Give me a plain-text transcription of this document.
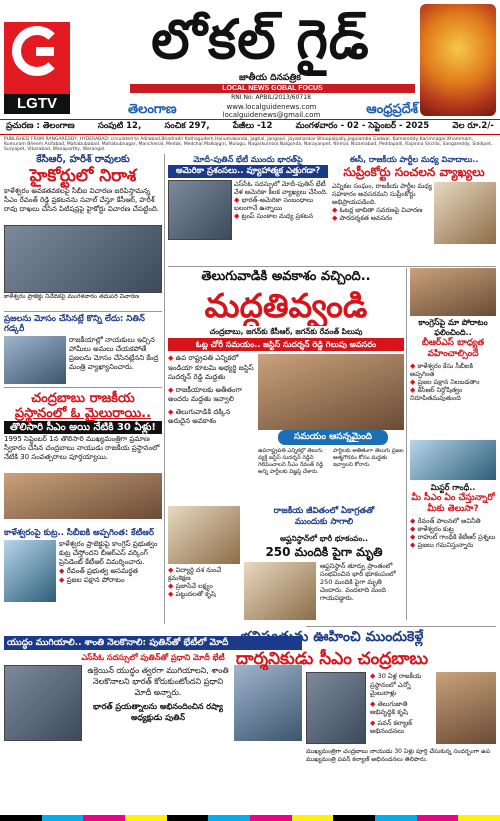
LGTV
లోకల్ గైడ్
జాతీయ దినపత్రిక
LOCAL NEWS GOBAL FOCUS
RNI No: APBIL/2013/60718
తెలంగాణ	www.localguidenews.com
localguidenews@gmail.com	ఆంధ్రప్రదేశ్
ప్రచురణ : తెలంగాణ	సంపుటి 12,	సంచిక 297,	పేజీలు -12	మంగళవారం - 02 - సెప్టెంబర్ - 2025	వెల రూ.2/-
PUBLISHED FROM RANGAREDDY, HYDERABAD: circulated to Adilabad,Bhadradri Kothagudem,Hanumakonda, Jagtial, Jangaon, Jayashankar Bhoopalpally,Jogulamba Gadwal, Kamareddy,Karimnagar,Khammam, Kumuram Bheem Asifabad, Mahabubabad, Mahabubnagar, Mancherial, Medak, Medchal Malkajgiri, Mulugu, Nagarkurnool,Nalgonda, Narayanpet, Nirmal, Nizamabad, Peddapalli, Rajanna Sircilla, Sangareddy, Siddipet, Suryapet, Vikarabad, Wanaparthy, Warangal.
కేసీఆర్, హరీశ్ రావులకు
హైకోర్టులో నిరాశ
కాళేశ్వరం అవకతవకలపై సీబీఐ విచారణ జరిపిస్తామన్న సీఎం రేవంత్ రెడ్డి ప్రకటనను సవాల్ చేస్తూ కేసీఆర్, హరీశ్ రావు దాఖలు చేసిన పిటిషన్లపై హైకోర్టు విచారణ చేపట్టింది.
కాళేశ్వరం ప్రాజెక్టు నివేదికపై మంగళవారం తదుపరి విచారణ
ప్రజలను మోసం చేసినట్లే కొన్ని లేదు: నితిన్ గడ్కరీ
రాజకీయాల్లో నాయకులు ఇచ్చిన హామీలు అమలు చేయకపోతే ప్రజలను మోసం చేసినట్లేనని కేంద్ర మంత్రి వ్యాఖ్యానించారు.
చంద్రబాబు రాజకీయ
ప్రస్థానంలో ఓ మైలురాయి..
తొలిసారి సీఎం అయి నేటికి 30 ఏళ్లు!
1995 సెప్టెంబర్ 1న తొలిసారి ముఖ్యమంత్రిగా ప్రమాణ స్వీకారం చేసిన చంద్రబాబు నాయుడు రాజకీయ ప్రస్థానంలో నేటికి 30 సంవత్సరాలు పూర్తయ్యాయి.
కాళేశ్వరంపై కుట్ర.. సీబీఐకి అప్పగింత: కేటీఆర్
కాళేశ్వరం ప్రాజెక్టుపై కాంగ్రెస్ ప్రభుత్వం కుట్ర చేస్తోందని బీఆర్ఎస్ వర్కింగ్ ప్రెసిడెంట్ కేటీఆర్ విమర్శించారు.
◆ రేవంత్ ప్రభుత్వ అసమర్థత
◆ ప్రజల పక్షాన పోరాటం
యుద్ధం ముగియాలి.. శాంతి నెలకొనాలి: పుతిన్‌తో భేటీలో మోదీ
ఎస్‌సీఓ సదస్సులో పుతిన్‌తో ప్రధాని మోదీ భేటీ
ఉక్రెయిన్ యుద్ధం త్వరగా ముగియాలని, శాంతి నెలకొనాలని భారత్ కోరుకుంటోందని ప్రధాని మోదీ అన్నారు.
భారత్ ప్రయత్నాలను అభినందించిన రష్యా అధ్యక్షుడు పుతిన్
మోదీ-పుతిన్ భేటీ ముందు భారత్‌పై
అమెరికా ప్రశంసలు.. వ్యూహాత్మక ఎత్తుగడా?
ఎస్‌సీఓ సదస్సులో మోదీ-పుతిన్ భేటీ వేళ అమెరికా కీలక వ్యాఖ్యలు చేసింది.
◆ భారత్-అమెరికా సంబంధాలు బలంగానే ఉన్నాయి
◆ ట్రంప్ సుంకాల మధ్య ప్రకటన
ఈసీ, రాజకీయ పార్టీల మధ్య వివాదాలు..
సుప్రీంకోర్టు సంచలన వ్యాఖ్యలు
ఎన్నికల సంఘం, రాజకీయ పార్టీల మధ్య సహకారం అవసరమని సుప్రీంకోర్టు అభిప్రాయపడింది.
◆ ఓటర్ల జాబితా సవరణపై విచారణ
◆ పారదర్శకత అవసరం
తెలుగువాడికి అవకాశం వచ్చింది..
మద్దతివ్వండి
చంద్రబాబు, జగన్‌కు కేసీఆర్, జగన్‌కు రేవంత్ పిలుపు
ఓట్ల చోరీ సమయం.. జస్టిస్ సుదర్శన్ రెడ్డి గెలుపు అవసరం
◆ ఉప రాష్ట్రపతి ఎన్నికలో ఇండియా కూటమి అభ్యర్థి జస్టిస్ సుదర్శన్ రెడ్డి మద్దతు
◆ రాజకీయాలకు అతీతంగా అందరు మద్దతు ఇవ్వాలి
◆ తెలుగువాడికి దక్కిన అరుదైన అవకాశం
సమయం ఆసన్నమైంది
ఉపరాష్ట్రపతి ఎన్నికల్లో తెలుగు వ్యక్తి జస్టిస్ సుదర్శన్ రెడ్డిని గెలిపించాలని సీఎం రేవంత్ రెడ్డి అన్ని పార్టీలకు విజ్ఞప్తి చేశారు.
పార్టీలకు అతీతంగా తెలుగు ప్రజల ఆత్మగౌరవం కోసం మద్దతు ఇవ్వాలని కోరారు.
కాంగ్రెస్‌పై మా పోరాటం ఫలించింది..
బీఆర్ఎస్ బాధ్యత వహించాల్సిందే
◆ కాళేశ్వరం కేసు సీబీఐకి అప్పగింత
◆ ప్రజల పక్షాన నిలబడతాం
◆ కేసీఆర్ నిర్దోషిత్వం నిరూపితమవుతుంది
మిస్టర్ గాంధీ..
మీ సీఎం ఏం చేస్తున్నారో మీకు తెలుసా?
◆ రేవంత్ పాలనలో అవినీతి
◆ కాళేశ్వరం కుట్ర
◆ రాహుల్ గాంధీకి కేటీఆర్ ప్రశ్నలు
◆ ప్రజలు గమనిస్తున్నారు
రాజకీయ జీవితంలో ఏకాగ్రతతో
ముందుకు సాగాలి
◆ విద్యార్థి దశ నుంచే క్రమశిక్షణ
◆ ప్రజాసేవే లక్ష్యం
◆ పట్టుదలతో కృషి
ఆఫ్ఘనిస్థాన్‌లో భారీ భూకంపం..
250 మందికి పైగా మృతి
ఆఫ్ఘనిస్థాన్ తూర్పు ప్రాంతంలో సంభవించిన భారీ భూకంపంలో 250 మందికి పైగా మృతి చెందారు. వందలాది మంది గాయపడ్డారు.
భవిష్యత్తును ఊహించి ముందుకెళ్లే
దార్శనికుడు సీఎం చంద్రబాబు
◆ 30 ఏళ్ల రాజకీయ ప్రస్థానంలో ఎన్నో మైలురాళ్లు
◆ తెలుగుజాతి అభివృద్ధికి కృషి
◆ పవన్ కల్యాణ్ అభినందనలు
ముఖ్యమంత్రిగా చంద్రబాబు నాయుడు 30 ఏళ్లు పూర్తి చేసుకున్న సందర్భంగా ఉప ముఖ్యమంత్రి పవన్ కల్యాణ్ అభినందనలు తెలిపారు.
